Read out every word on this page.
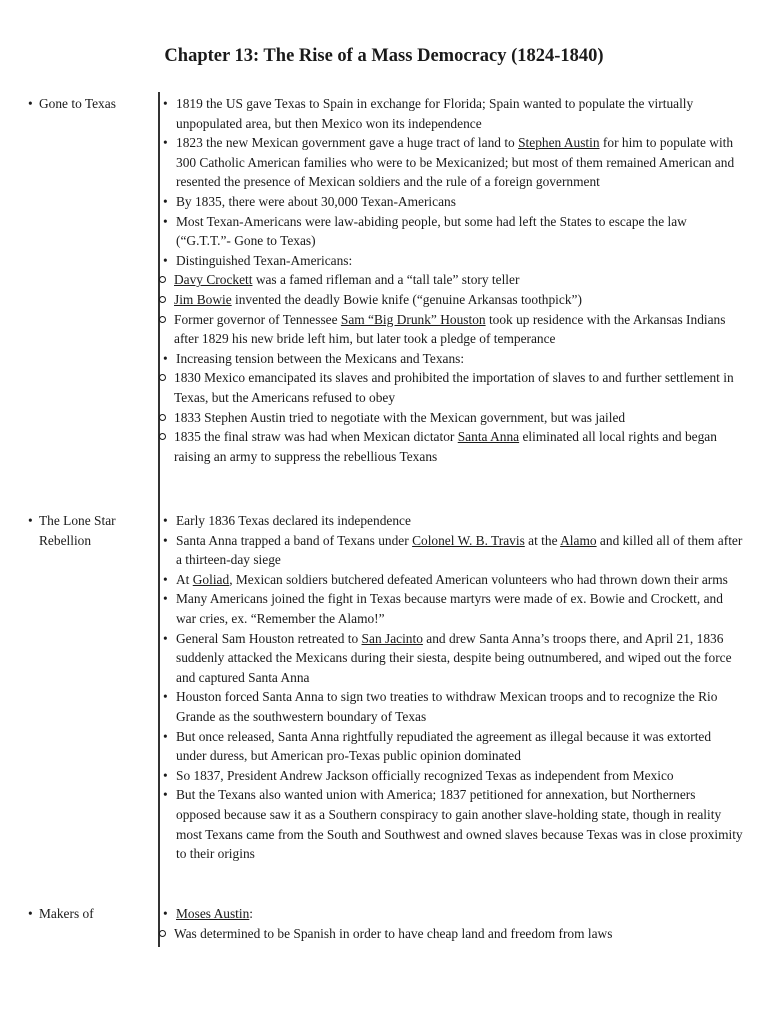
Chapter 13: The Rise of a Mass Democracy (1824-1840)
• Gone to Texas	• 1819 the US gave Texas to Spain in exchange for Florida; Spain wanted to populate the virtually unpopulated area, but then Mexico won its independence
• 1823 the new Mexican government gave a huge tract of land to Stephen Austin for him to populate with 300 Catholic American families who were to be Mexicanized; but most of them remained American and resented the presence of Mexican soldiers and the rule of a foreign government
• By 1835, there were about 30,000 Texan-Americans
• Most Texan-Americans were law-abiding people, but some had left the States to escape the law (“G.T.T.”- Gone to Texas)
• Distinguished Texan-Americans:
Davy Crockett was a famed rifleman and a “tall tale” story teller
Jim Bowie invented the deadly Bowie knife (“genuine Arkansas toothpick”)
Former governor of Tennessee Sam “Big Drunk” Houston took up residence with the Arkansas Indians after 1829 his new bride left him, but later took a pledge of temperance
• Increasing tension between the Mexicans and Texans:
1830 Mexico emancipated its slaves and prohibited the importation of slaves to and further settlement in Texas, but the Americans refused to obey
1833 Stephen Austin tried to negotiate with the Mexican government, but was jailed
1835 the final straw was had when Mexican dictator Santa Anna eliminated all local rights and began raising an army to suppress the rebellious Texans
• The Lone Star Rebellion
• Early 1836 Texas declared its independence
• Santa Anna trapped a band of Texans under Colonel W. B. Travis at the Alamo and killed all of them after a thirteen-day siege
• At Goliad, Mexican soldiers butchered defeated American volunteers who had thrown down their arms
• Many Americans joined the fight in Texas because martyrs were made of ex. Bowie and Crockett, and war cries, ex. “Remember the Alamo!”
• General Sam Houston retreated to San Jacinto and drew Santa Anna’s troops there, and April 21, 1836 suddenly attacked the Mexicans during their siesta, despite being outnumbered, and wiped out the force and captured Santa Anna
• Houston forced Santa Anna to sign two treaties to withdraw Mexican troops and to recognize the Rio Grande as the southwestern boundary of Texas
• But once released, Santa Anna rightfully repudiated the agreement as illegal because it was extorted under duress, but American pro-Texas public opinion dominated
• So 1837, President Andrew Jackson officially recognized Texas as independent from Mexico
• But the Texans also wanted union with America; 1837 petitioned for annexation, but Northerners opposed because saw it as a Southern conspiracy to gain another slave-holding state, though in reality most Texans came from the South and Southwest and owned slaves because Texas was in close proximity to their origins
• Makers of	• Moses Austin:
Was determined to be Spanish in order to have cheap land and freedom from laws
